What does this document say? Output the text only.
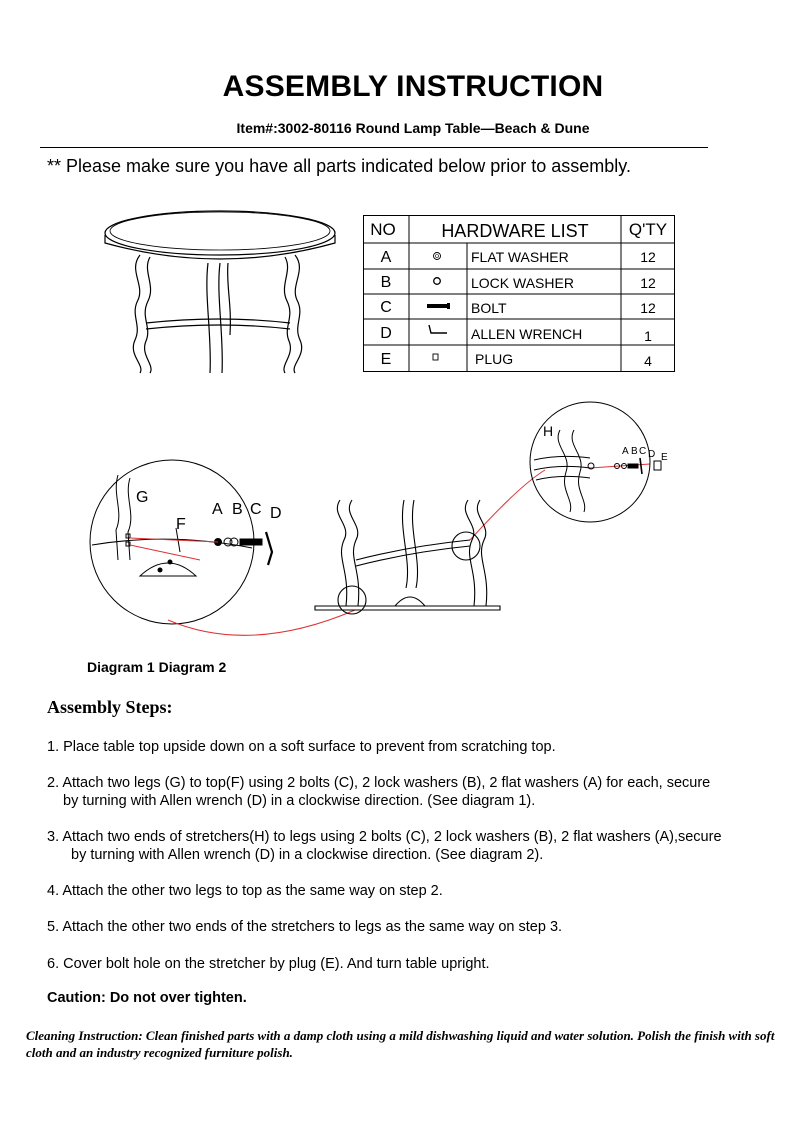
ASSEMBLY INSTRUCTION
Item#:3002-80116 Round Lamp Table—Beach & Dune
** Please make sure you have all parts indicated below prior to assembly.
NO	HARDWARE LIST Q'TY
A	FLAT WASHER	12
B	LOCK WASHER	12
C	BOLT	12
D	ALLEN WRENCH	1
E	PLUG	4
G
F
A B C D
H
A B C D E
Diagram 1 Diagram 2
Assembly Steps:
1. Place table top upside down on a soft surface to prevent from scratching top.
2. Attach two legs (G) to top(F) using 2 bolts (C), 2 lock washers (B), 2 flat washers (A) for each, secure
by turning with Allen wrench (D) in a clockwise direction. (See diagram 1).
3. Attach two ends of stretchers(H) to legs using 2 bolts (C), 2 lock washers (B), 2 flat washers (A),secure
by turning with Allen wrench (D) in a clockwise direction. (See diagram 2).
4. Attach the other two legs to top as the same way on step 2.
5. Attach the other two ends of the stretchers to legs as the same way on step 3.
6. Cover bolt hole on the stretcher by plug (E). And turn table upright.
Caution: Do not over tighten.
Cleaning Instruction: Clean finished parts with a damp cloth using a mild dishwashing liquid and water solution. Polish the finish with soft cloth and an industry recognized furniture polish.
